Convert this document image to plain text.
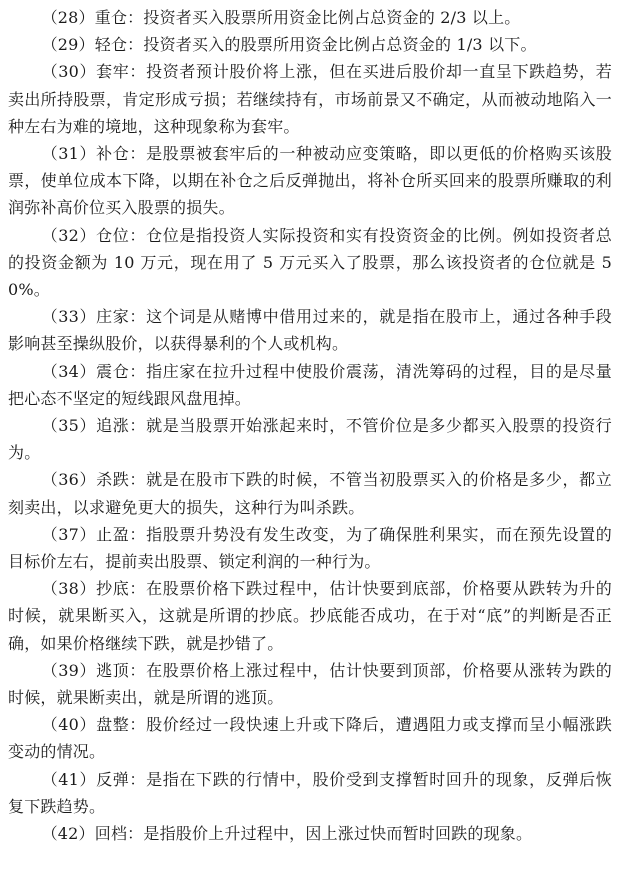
（28）重仓：投资者买入股票所用资金比例占总资金的 2/3 以上。

（29）轻仓：投资者买入的股票所用资金比例占总资金的 1/3 以下。

（30）套牢：投资者预计股价将上涨，但在买进后股价却一直呈下跌趋势，若卖出所持股票，肯定形成亏损；若继续持有，市场前景又不确定，从而被动地陷入一种左右为难的境地，这种现象称为套牢。

（31）补仓：是股票被套牢后的一种被动应变策略，即以更低的价格购买该股票，使单位成本下降，以期在补仓之后反弹抛出，将补仓所买回来的股票所赚取的利润弥补高价位买入股票的损失。

（32）仓位：仓位是指投资人实际投资和实有投资资金的比例。例如投资者总的投资金额为 10 万元，现在用了 5 万元买入了股票，那么该投资者的仓位就是 50%。

（33）庄家：这个词是从赌博中借用过来的，就是指在股市上，通过各种手段影响甚至操纵股价，以获得暴利的个人或机构。

（34）震仓：指庄家在拉升过程中使股价震荡，清洗筹码的过程，目的是尽量把心态不坚定的短线跟风盘甩掉。

（35）追涨：就是当股票开始涨起来时，不管价位是多少都买入股票的投资行为。

（36）杀跌：就是在股市下跌的时候，不管当初股票买入的价格是多少，都立刻卖出，以求避免更大的损失，这种行为叫杀跌。

（37）止盈：指股票升势没有发生改变，为了确保胜利果实，而在预先设置的目标价左右，提前卖出股票、锁定利润的一种行为。

（38）抄底：在股票价格下跌过程中，估计快要到底部，价格要从跌转为升的时候，就果断买入，这就是所谓的抄底。抄底能否成功，在于对“底”的判断是否正确，如果价格继续下跌，就是抄错了。

（39）逃顶：在股票价格上涨过程中，估计快要到顶部，价格要从涨转为跌的时候，就果断卖出，就是所谓的逃顶。

（40）盘整：股价经过一段快速上升或下降后，遭遇阻力或支撑而呈小幅涨跌变动的情况。

（41）反弹：是指在下跌的行情中，股价受到支撑暂时回升的现象，反弹后恢复下跌趋势。

（42）回档：是指股价上升过程中，因上涨过快而暂时回跌的现象。
